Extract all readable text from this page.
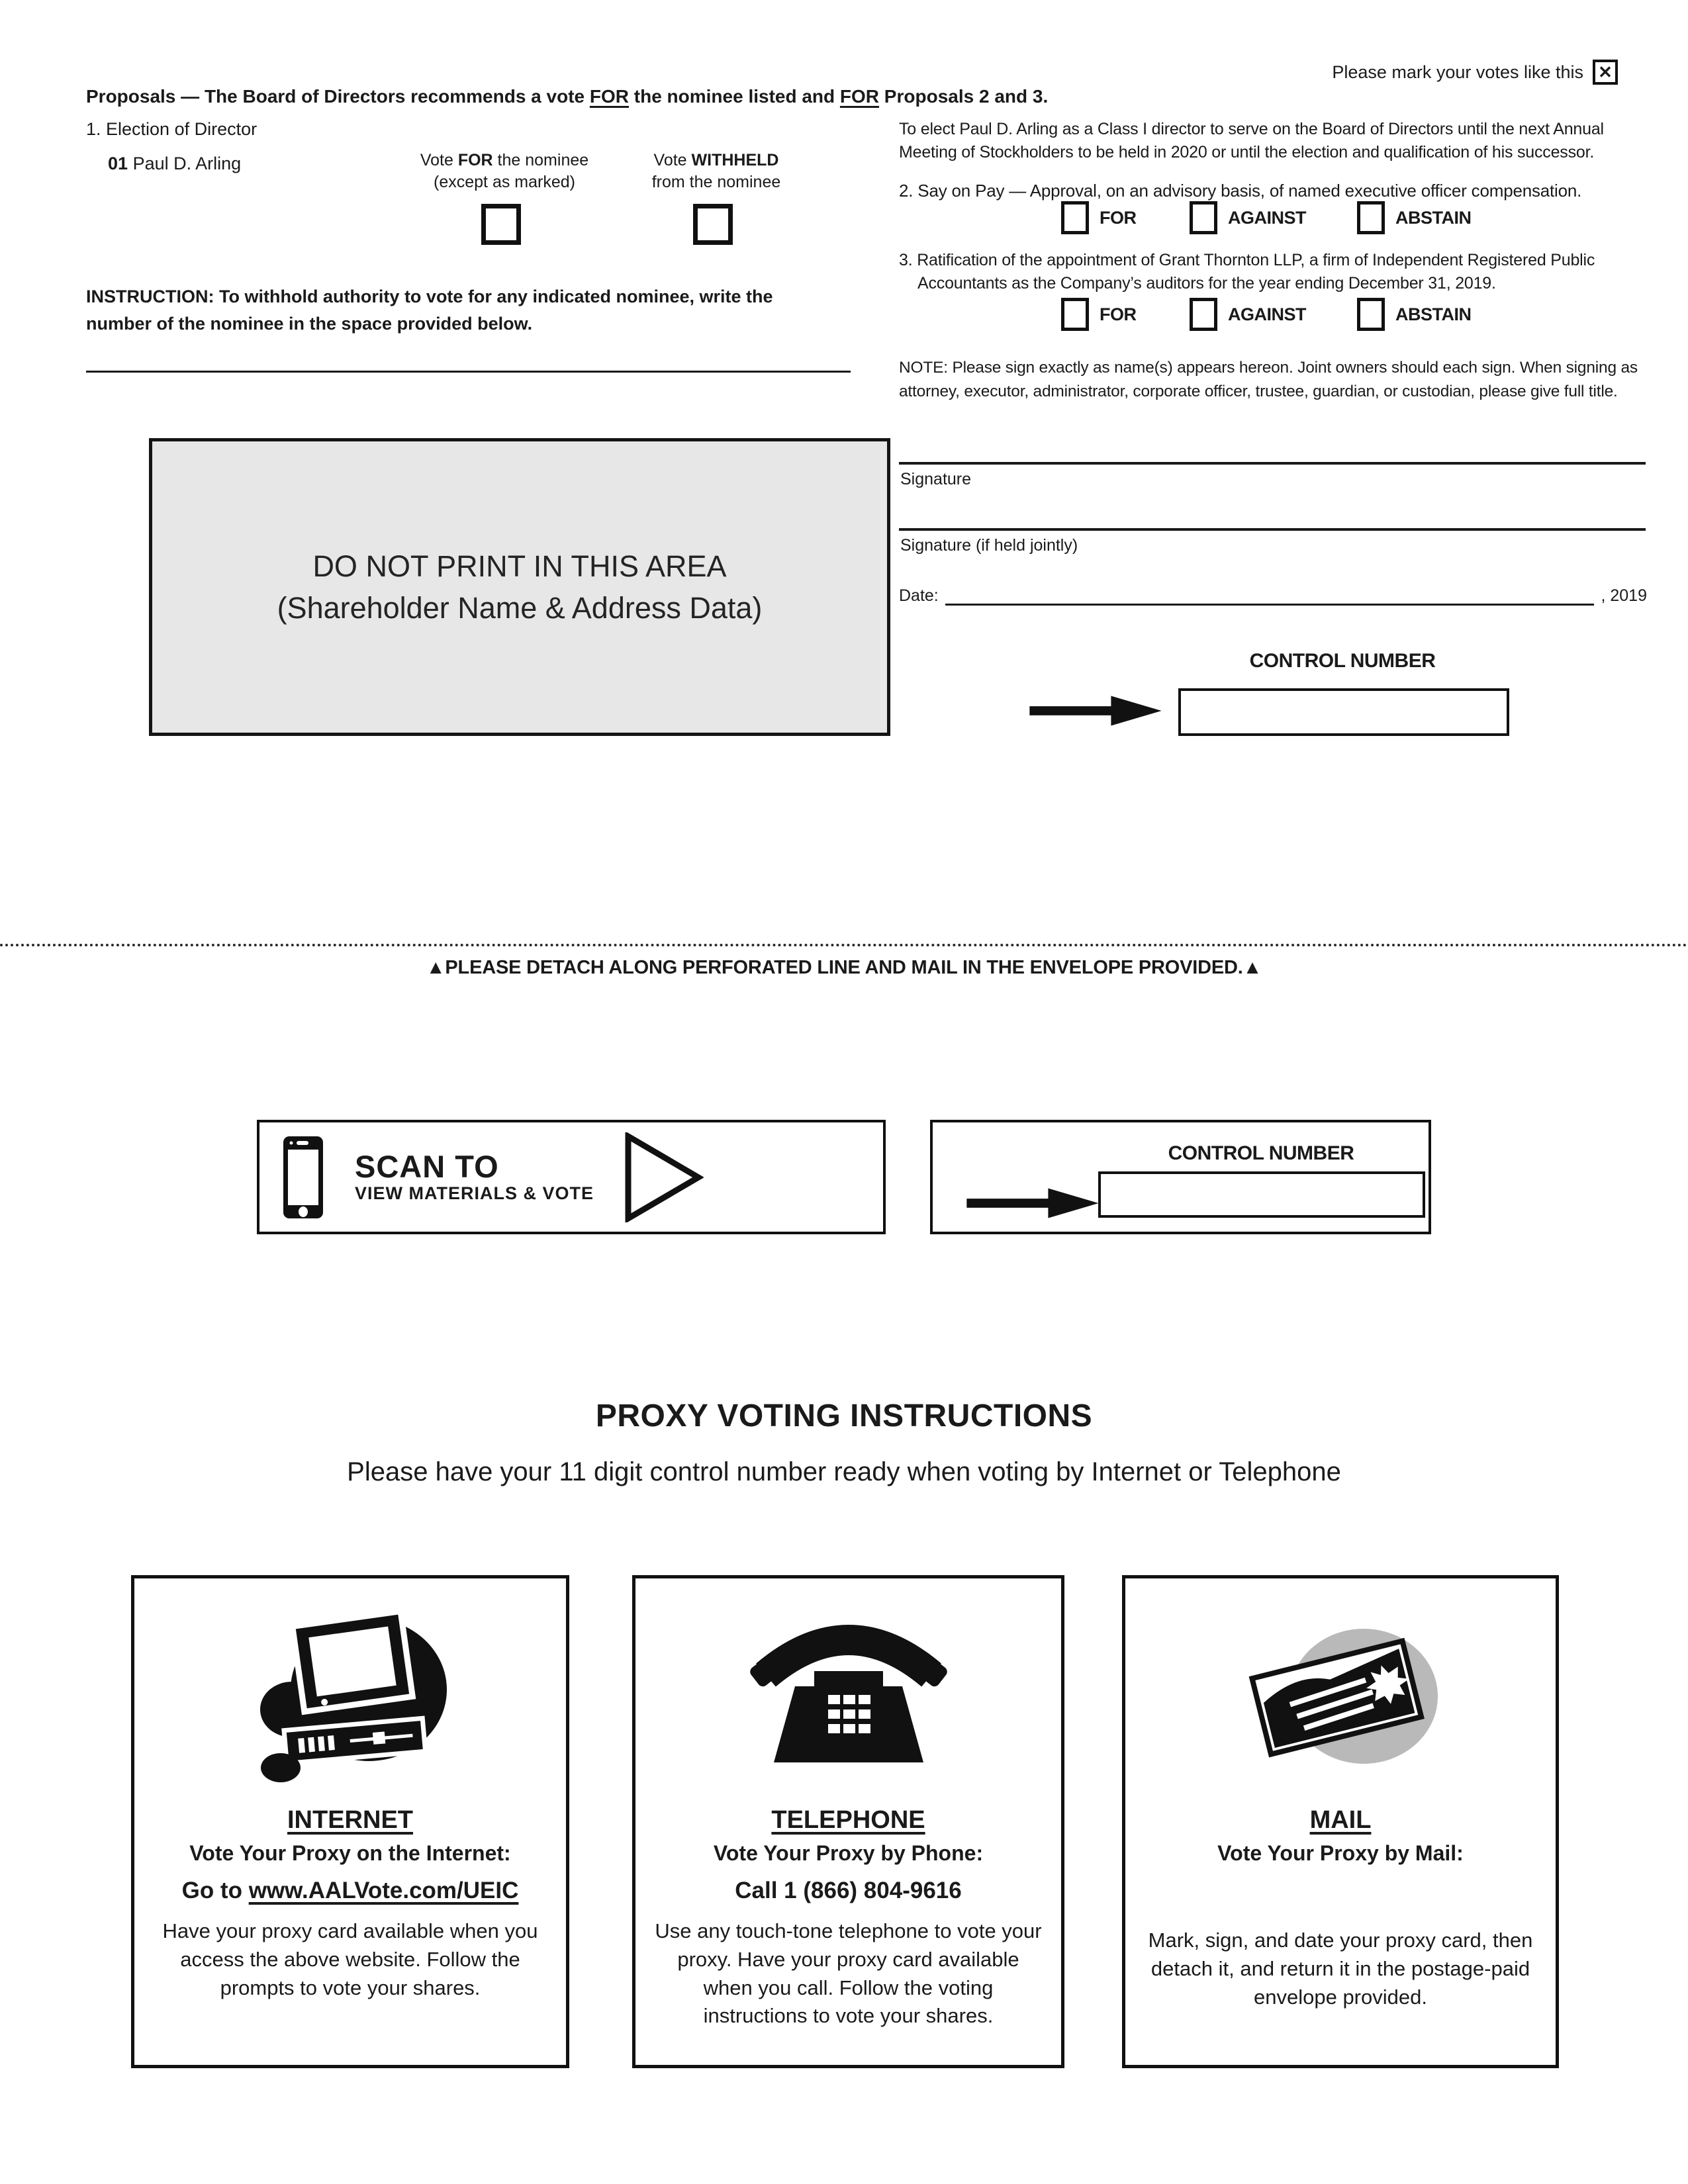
Please mark your votes like this ✕
Proposals — The Board of Directors recommends a vote FOR the nominee listed and FOR Proposals 2 and 3.
1. Election of Director
01 Paul D. Arling	Vote FOR the nominee
(except as marked)
Vote WITHHELD
from the nominee
INSTRUCTION: To withhold authority to vote for any indicated nominee, write the number of the nominee in the space provided below.
DO NOT PRINT IN THIS AREA
(Shareholder Name & Address Data)
To elect Paul D. Arling as a Class I director to serve on the Board of Directors until the next Annual Meeting of Stockholders to be held in 2020 or until the election and qualification of his successor.
2. Say on Pay — Approval, on an advisory basis, of named executive officer compensation.
FOR	AGAINST	ABSTAIN
3. Ratification of the appointment of Grant Thornton LLP, a firm of Independent Registered Public Accountants as the Company’s auditors for the year ending December 31, 2019.
FOR	AGAINST	ABSTAIN
NOTE: Please sign exactly as name(s) appears hereon. Joint owners should each sign. When signing as attorney, executor, administrator, corporate officer, trustee, guardian, or custodian, please give full title.
Signature
Signature (if held jointly)
Date:	, 2019
CONTROL NUMBER
▲PLEASE DETACH ALONG PERFORATED LINE AND MAIL IN THE ENVELOPE PROVIDED.▲
SCAN TO
VIEW MATERIALS & VOTE
CONTROL NUMBER
PROXY VOTING INSTRUCTIONS
Please have your 11 digit control number ready when voting by Internet or Telephone
INTERNET
Vote Your Proxy on the Internet:
Go to www.AALVote.com/UEIC
Have your proxy card available when you access the above website. Follow the prompts to vote your shares.
TELEPHONE
Vote Your Proxy by Phone:
Call 1 (866) 804-9616
Use any touch-tone telephone to vote your proxy. Have your proxy card available when you call. Follow the voting instructions to vote your shares.
MAIL
Vote Your Proxy by Mail:
Mark, sign, and date your proxy card, then detach it, and return it in the postage-paid envelope provided.
